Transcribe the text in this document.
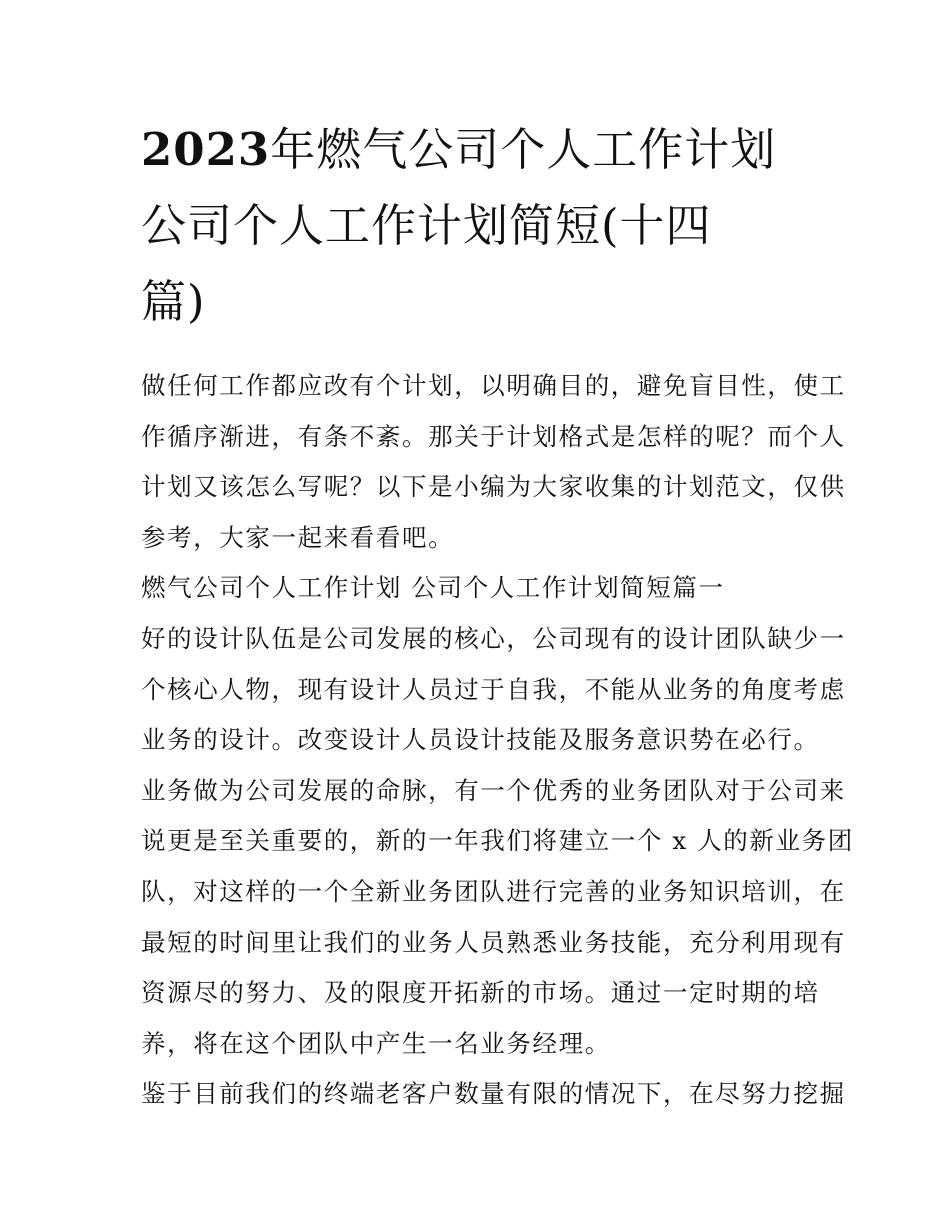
2023年燃气公司个人工作计划
公司个人工作计划简短(十四
篇)
做任何工作都应改有个计划，以明确目的，避免盲目性，使工
作循序渐进，有条不紊。那关于计划格式是怎样的呢？而个人
计划又该怎么写呢？以下是小编为大家收集的计划范文，仅供
参考，大家一起来看看吧。
燃气公司个人工作计划 公司个人工作计划简短篇一
好的设计队伍是公司发展的核心，公司现有的设计团队缺少一
个核心人物，现有设计人员过于自我，不能从业务的角度考虑
业务的设计。改变设计人员设计技能及服务意识势在必行。
业务做为公司发展的命脉，有一个优秀的业务团队对于公司来
说更是至关重要的，新的一年我们将建立一个 x 人的新业务团
队，对这样的一个全新业务团队进行完善的业务知识培训，在
最短的时间里让我们的业务人员熟悉业务技能，充分利用现有
资源尽的努力、及的限度开拓新的市场。通过一定时期的培
养，将在这个团队中产生一名业务经理。
鉴于目前我们的终端老客户数量有限的情况下，在尽努力挖掘
